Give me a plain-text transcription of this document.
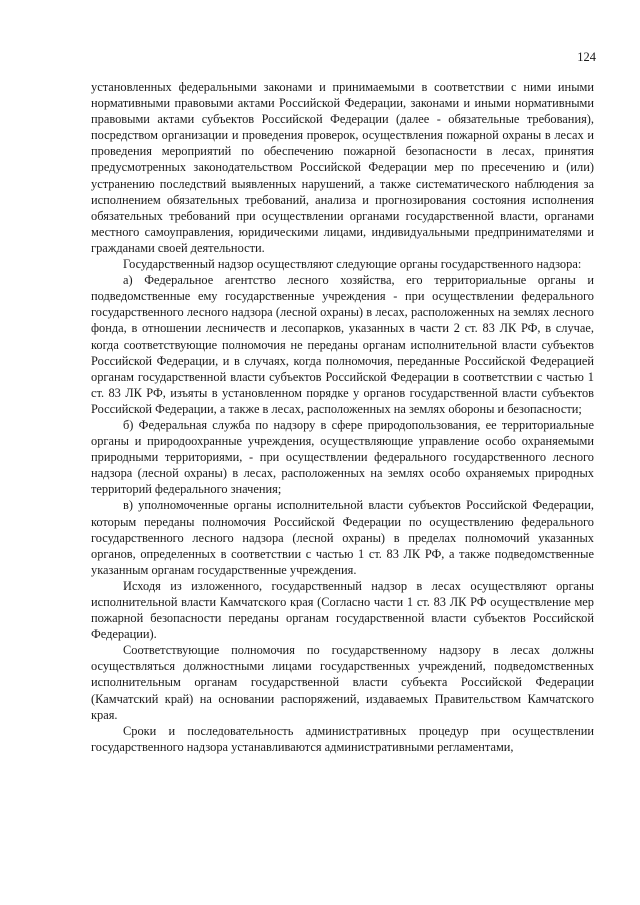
124

установленных федеральными законами и принимаемыми в соответствии с ними иными нормативными правовыми актами Российской Федерации, законами и иными нормативными правовыми актами субъектов Российской Федерации (далее - обязательные требования), посредством организации и проведения проверок, осуществления пожарной охраны в лесах и проведения мероприятий по обеспечению пожарной безопасности в лесах, принятия предусмотренных законодательством Российской Федерации мер по пресечению и (или) устранению последствий выявленных нарушений, а также систематического наблюдения за исполнением обязательных требований, анализа и прогнозирования состояния исполнения обязательных требований при осуществлении органами государственной власти, органами местного самоуправления, юридическими лицами, индивидуальными предпринимателями и гражданами своей деятельности.

Государственный надзор осуществляют следующие органы государственного надзора:

а) Федеральное агентство лесного хозяйства, его территориальные органы и подведомственные ему государственные учреждения - при осуществлении федерального государственного лесного надзора (лесной охраны) в лесах, расположенных на землях лесного фонда, в отношении лесничеств и лесопарков, указанных в части 2 ст. 83 ЛК РФ, в случае, когда соответствующие полномочия не переданы органам исполнительной власти субъектов Российской Федерации, и в случаях, когда полномочия, переданные Российской Федерацией органам государственной власти субъектов Российской Федерации в соответствии с частью 1 ст. 83 ЛК РФ, изъяты в установленном порядке у органов государственной власти субъектов Российской Федерации, а также в лесах, расположенных на землях обороны и безопасности;

б) Федеральная служба по надзору в сфере природопользования, ее территориальные органы и природоохранные учреждения, осуществляющие управление особо охраняемыми природными территориями, - при осуществлении федерального государственного лесного надзора (лесной охраны) в лесах, расположенных на землях особо охраняемых природных территорий федерального значения;

в) уполномоченные органы исполнительной власти субъектов Российской Федерации, которым переданы полномочия Российской Федерации по осуществлению федерального государственного лесного надзора (лесной охраны) в пределах полномочий указанных органов, определенных в соответствии с частью 1 ст. 83 ЛК РФ, а также подведомственные указанным органам государственные учреждения.

Исходя из изложенного, государственный надзор в лесах осуществляют органы исполнительной власти Камчатского края (Согласно части 1 ст. 83 ЛК РФ осуществление мер пожарной безопасности переданы органам государственной власти субъектов Российской Федерации).

Соответствующие полномочия по государственному надзору в лесах должны осуществляться должностными лицами государственных учреждений, подведомственных исполнительным органам государственной власти субъекта Российской Федерации (Камчатский край) на основании распоряжений, издаваемых Правительством Камчатского края.

Сроки и последовательность административных процедур при осуществлении государственного надзора устанавливаются административными регламентами,
